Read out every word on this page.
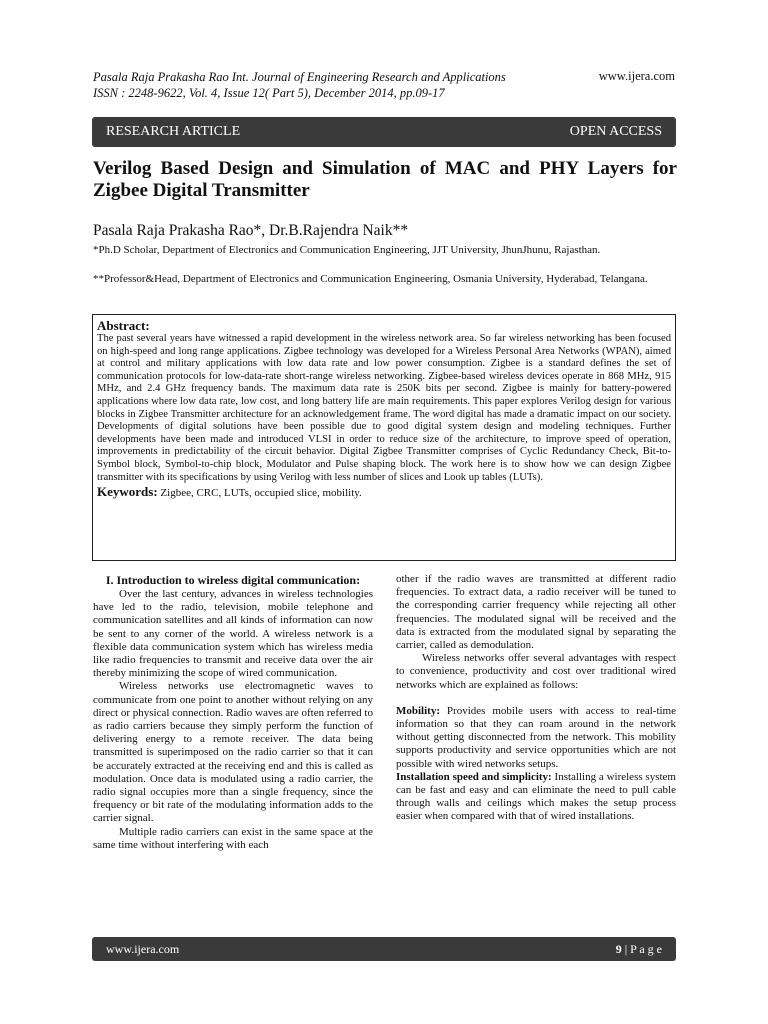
Pasala Raja Prakasha Rao Int. Journal of Engineering Research and Applications
ISSN : 2248-9622, Vol. 4, Issue 12( Part 5), December 2014, pp.09-17
www.ijera.com
RESEARCH ARTICLE	OPEN ACCESS
Verilog Based Design and Simulation of MAC and PHY Layers for Zigbee Digital Transmitter
Pasala Raja Prakasha Rao*, Dr.B.Rajendra Naik**
*Ph.D Scholar, Department of Electronics and Communication Engineering, JJT University, JhunJhunu, Rajasthan.
**Professor&Head, Department of Electronics and Communication Engineering, Osmania University, Hyderabad, Telangana.
Abstract:
The past several years have witnessed a rapid development in the wireless network area. So far wireless networking has been focused on high-speed and long range applications. Zigbee technology was developed for a Wireless Personal Area Networks (WPAN), aimed at control and military applications with low data rate and low power consumption. Zigbee is a standard defines the set of communication protocols for low-data-rate short-range wireless networking. Zigbee-based wireless devices operate in 868 MHz, 915 MHz, and 2.4 GHz frequency bands. The maximum data rate is 250K bits per second. Zigbee is mainly for battery-powered applications where low data rate, low cost, and long battery life are main requirements. This paper explores Verilog design for various blocks in Zigbee Transmitter architecture for an acknowledgement frame. The word digital has made a dramatic impact on our society. Developments of digital solutions have been possible due to good digital system design and modeling techniques. Further developments have been made and introduced VLSI in order to reduce size of the architecture, to improve speed of operation, improvements in predictability of the circuit behavior. Digital Zigbee Transmitter comprises of Cyclic Redundancy Check, Bit-to-Symbol block, Symbol-to-chip block, Modulator and Pulse shaping block. The work here is to show how we can design Zigbee transmitter with its specifications by using Verilog with less number of slices and Look up tables (LUTs).
Keywords: Zigbee, CRC, LUTs, occupied slice, mobility.
I. Introduction to wireless digital communication:

Over the last century, advances in wireless technologies have led to the radio, television, mobile telephone and communication satellites and all kinds of information can now be sent to any corner of the world. A wireless network is a flexible data communication system which has wireless media like radio frequencies to transmit and receive data over the air thereby minimizing the scope of wired communication.

Wireless networks use electromagnetic waves to communicate from one point to another without relying on any direct or physical connection. Radio waves are often referred to as radio carriers because they simply perform the function of delivering energy to a remote receiver. The data being transmitted is superimposed on the radio carrier so that it can be accurately extracted at the receiving end and this is called as modulation. Once data is modulated using a radio carrier, the radio signal occupies more than a single frequency, since the frequency or bit rate of the modulating information adds to the carrier signal.

Multiple radio carriers can exist in the same space at the same time without interfering with each

other if the radio waves are transmitted at different radio frequencies. To extract data, a radio receiver will be tuned to the corresponding carrier frequency while rejecting all other frequencies. The modulated signal will be received and the data is extracted from the modulated signal by separating the carrier, called as demodulation.

Wireless networks offer several advantages with respect to convenience, productivity and cost over traditional wired networks which are explained as follows:

Mobility: Provides mobile users with access to real-time information so that they can roam around in the network without getting disconnected from the network. This mobility supports productivity and service opportunities which are not possible with wired networks setups.

Installation speed and simplicity: Installing a wireless system can be fast and easy and can eliminate the need to pull cable through walls and ceilings which makes the setup process easier when compared with that of wired installations.

www.ijera.com	9 | P a g e
